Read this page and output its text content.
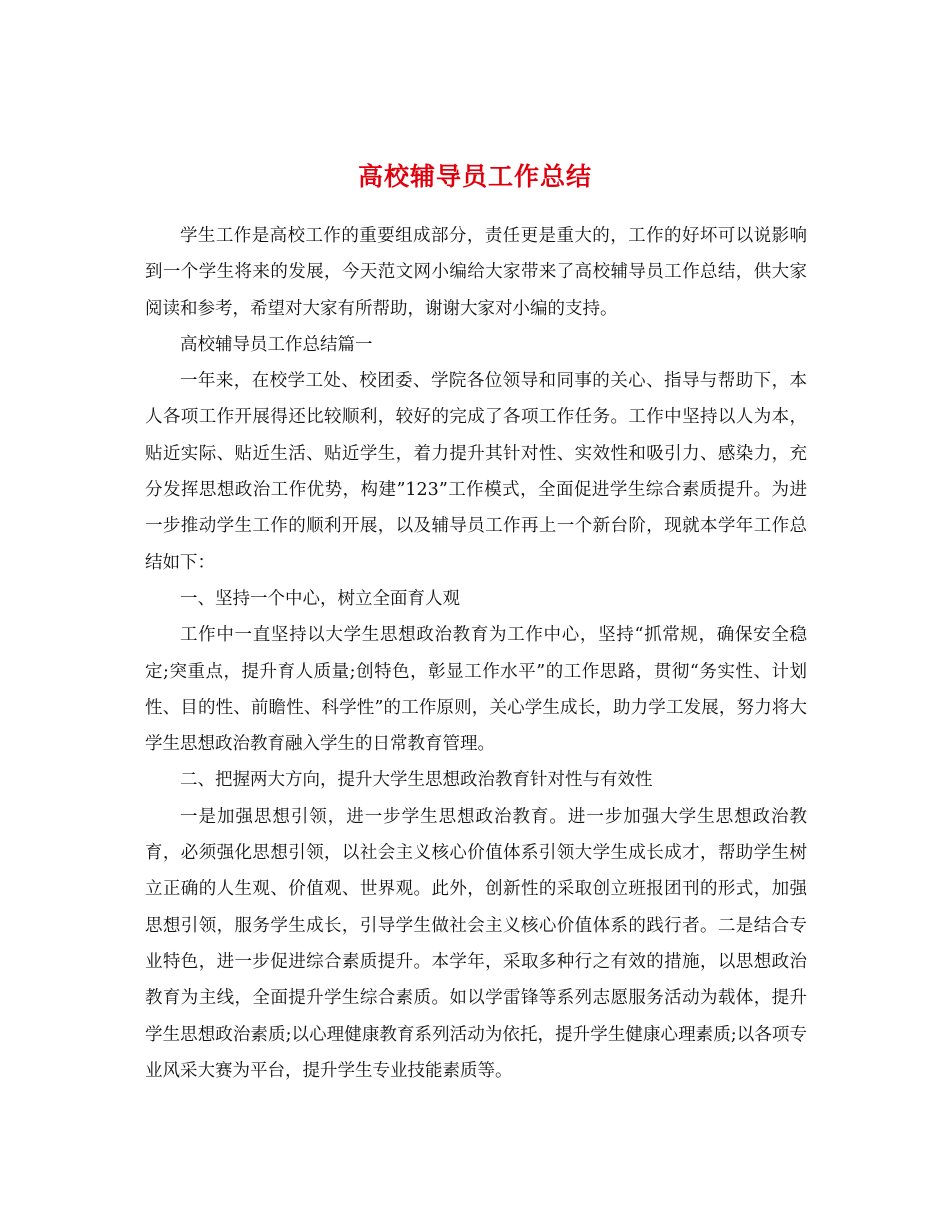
高校辅导员工作总结

学生工作是高校工作的重要组成部分，责任更是重大的，工作的好坏可以说影响到一个学生将来的发展，今天范文网小编给大家带来了高校辅导员工作总结，供大家阅读和参考，希望对大家有所帮助，谢谢大家对小编的支持。

高校辅导员工作总结篇一

一年来，在校学工处、校团委、学院各位领导和同事的关心、指导与帮助下，本人各项工作开展得还比较顺利，较好的完成了各项工作任务。工作中坚持以人为本，贴近实际、贴近生活、贴近学生，着力提升其针对性、实效性和吸引力、感染力，充分发挥思想政治工作优势，构建”123”工作模式，全面促进学生综合素质提升。为进一步推动学生工作的顺利开展，以及辅导员工作再上一个新台阶，现就本学年工作总结如下：

一、坚持一个中心，树立全面育人观

工作中一直坚持以大学生思想政治教育为工作中心，坚持“抓常规，确保安全稳定;突重点，提升育人质量;创特色，彰显工作水平”的工作思路，贯彻“务实性、计划性、目的性、前瞻性、科学性”的工作原则，关心学生成长，助力学工发展，努力将大学生思想政治教育融入学生的日常教育管理。

二、把握两大方向，提升大学生思想政治教育针对性与有效性

一是加强思想引领，进一步学生思想政治教育。进一步加强大学生思想政治教育，必须强化思想引领，以社会主义核心价值体系引领大学生成长成才，帮助学生树立正确的人生观、价值观、世界观。此外，创新性的采取创立班报团刊的形式，加强思想引领，服务学生成长，引导学生做社会主义核心价值体系的践行者。二是结合专业特色，进一步促进综合素质提升。本学年，采取多种行之有效的措施，以思想政治教育为主线，全面提升学生综合素质。如以学雷锋等系列志愿服务活动为载体，提升学生思想政治素质;以心理健康教育系列活动为依托，提升学生健康心理素质;以各项专业风采大赛为平台，提升学生专业技能素质等。
